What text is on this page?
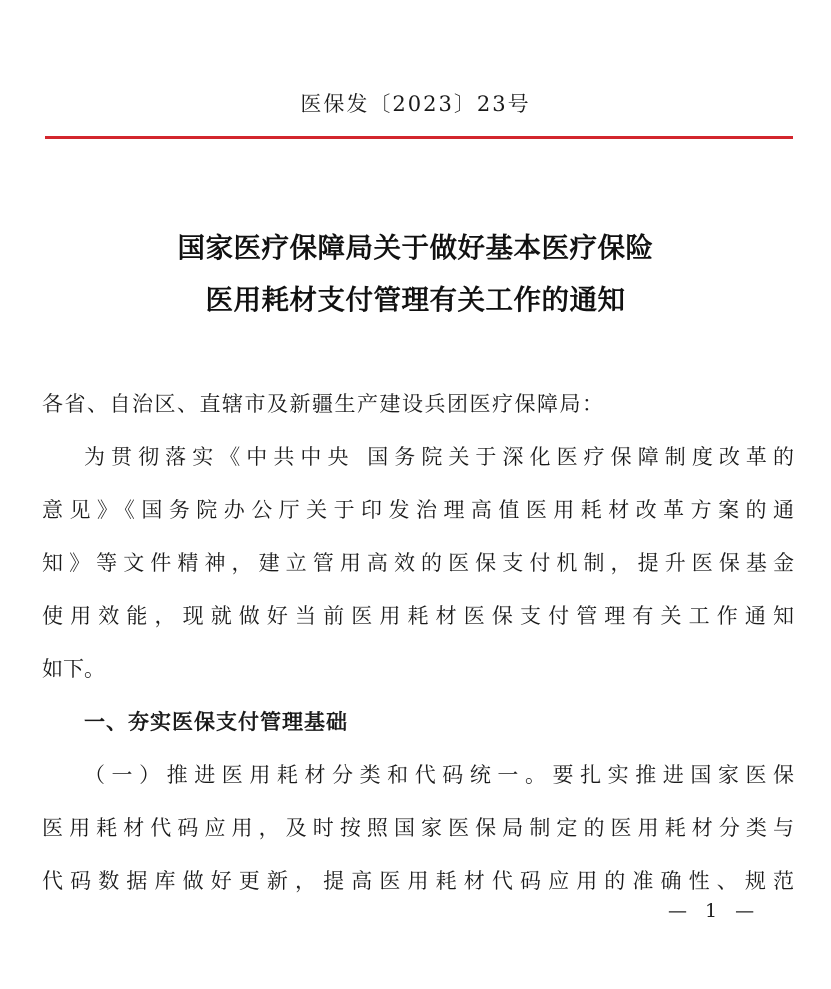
医保发〔2023〕23号
国家医疗保障局关于做好基本医疗保险
医用耗材支付管理有关工作的通知
各省、自治区、直辖市及新疆生产建设兵团医疗保障局：
为贯彻落实《中共中央 国务院关于深化医疗保障制度改革的
意见》《国务院办公厅关于印发治理高值医用耗材改革方案的通
知》等文件精神，建立管用高效的医保支付机制，提升医保基金
使用效能，现就做好当前医用耗材医保支付管理有关工作通知
如下。
一、夯实医保支付管理基础
（一）推进医用耗材分类和代码统一。要扎实推进国家医保
医用耗材代码应用，及时按照国家医保局制定的医用耗材分类与
代码数据库做好更新，提高医用耗材代码应用的准确性、规范
— 1 —
